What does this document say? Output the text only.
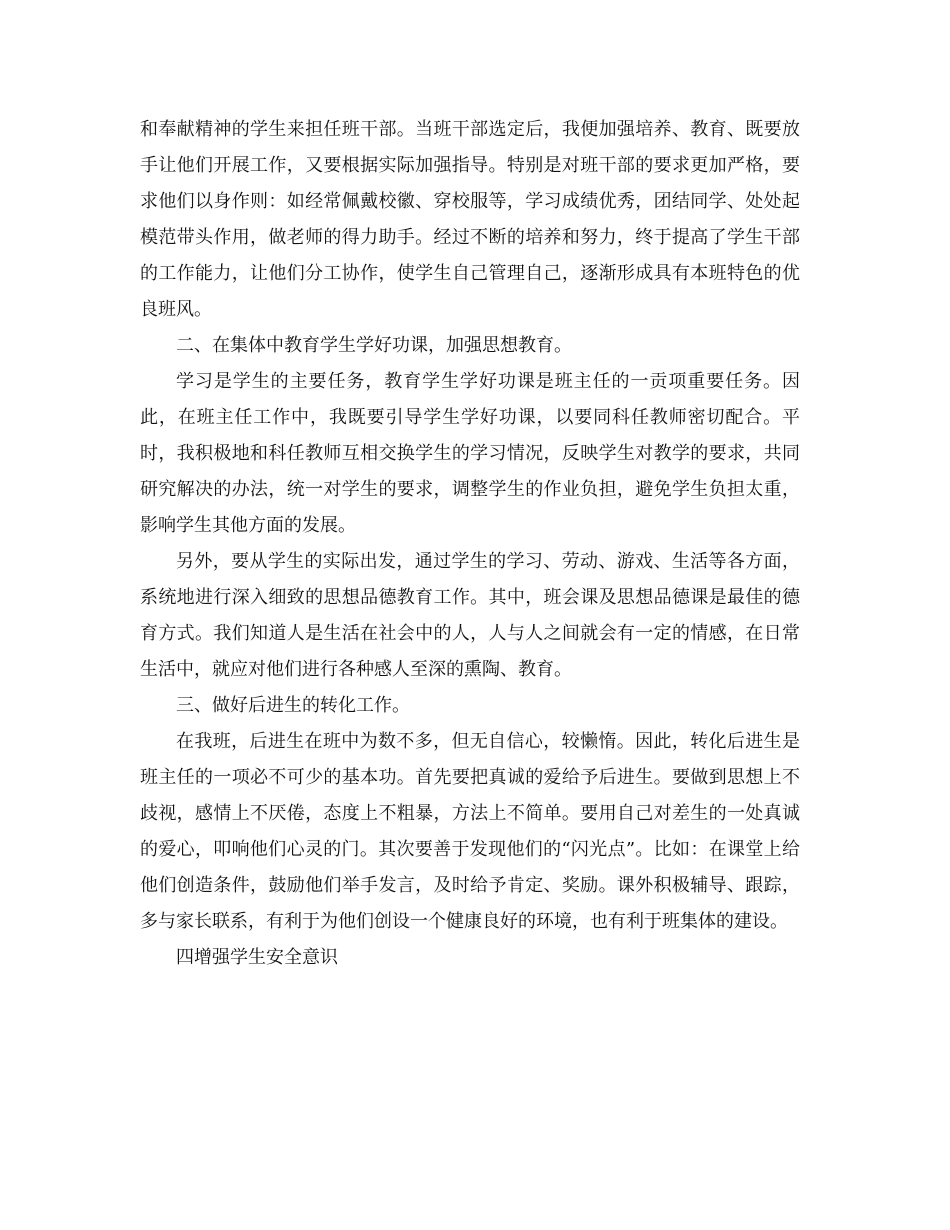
和奉献精神的学生来担任班干部。当班干部选定后，我便加强培养、教育、既要放手让他们开展工作，又要根据实际加强指导。特别是对班干部的要求更加严格，要求他们以身作则：如经常佩戴校徽、穿校服等，学习成绩优秀，团结同学、处处起模范带头作用，做老师的得力助手。经过不断的培养和努力，终于提高了学生干部的工作能力，让他们分工协作，使学生自己管理自己，逐渐形成具有本班特色的优良班风。

二、在集体中教育学生学好功课，加强思想教育。

学习是学生的主要任务，教育学生学好功课是班主任的一贡项重要任务。因此，在班主任工作中，我既要引导学生学好功课，以要同科任教师密切配合。平时，我积极地和科任教师互相交换学生的学习情况，反映学生对教学的要求，共同研究解决的办法，统一对学生的要求，调整学生的作业负担，避免学生负担太重，影响学生其他方面的发展。

另外，要从学生的实际出发，通过学生的学习、劳动、游戏、生活等各方面，系统地进行深入细致的思想品德教育工作。其中，班会课及思想品德课是最佳的德育方式。我们知道人是生活在社会中的人，人与人之间就会有一定的情感，在日常生活中，就应对他们进行各种感人至深的熏陶、教育。

三、做好后进生的转化工作。

在我班，后进生在班中为数不多，但无自信心，较懒惰。因此，转化后进生是班主任的一项必不可少的基本功。首先要把真诚的爱给予后进生。要做到思想上不歧视，感情上不厌倦，态度上不粗暴，方法上不简单。要用自己对差生的一处真诚的爱心，叩响他们心灵的门。其次要善于发现他们的“闪光点”。比如：在课堂上给他们创造条件，鼓励他们举手发言，及时给予肯定、奖励。课外积极辅导、跟踪，多与家长联系，有利于为他们创设一个健康良好的环境，也有利于班集体的建设。

四增强学生安全意识
